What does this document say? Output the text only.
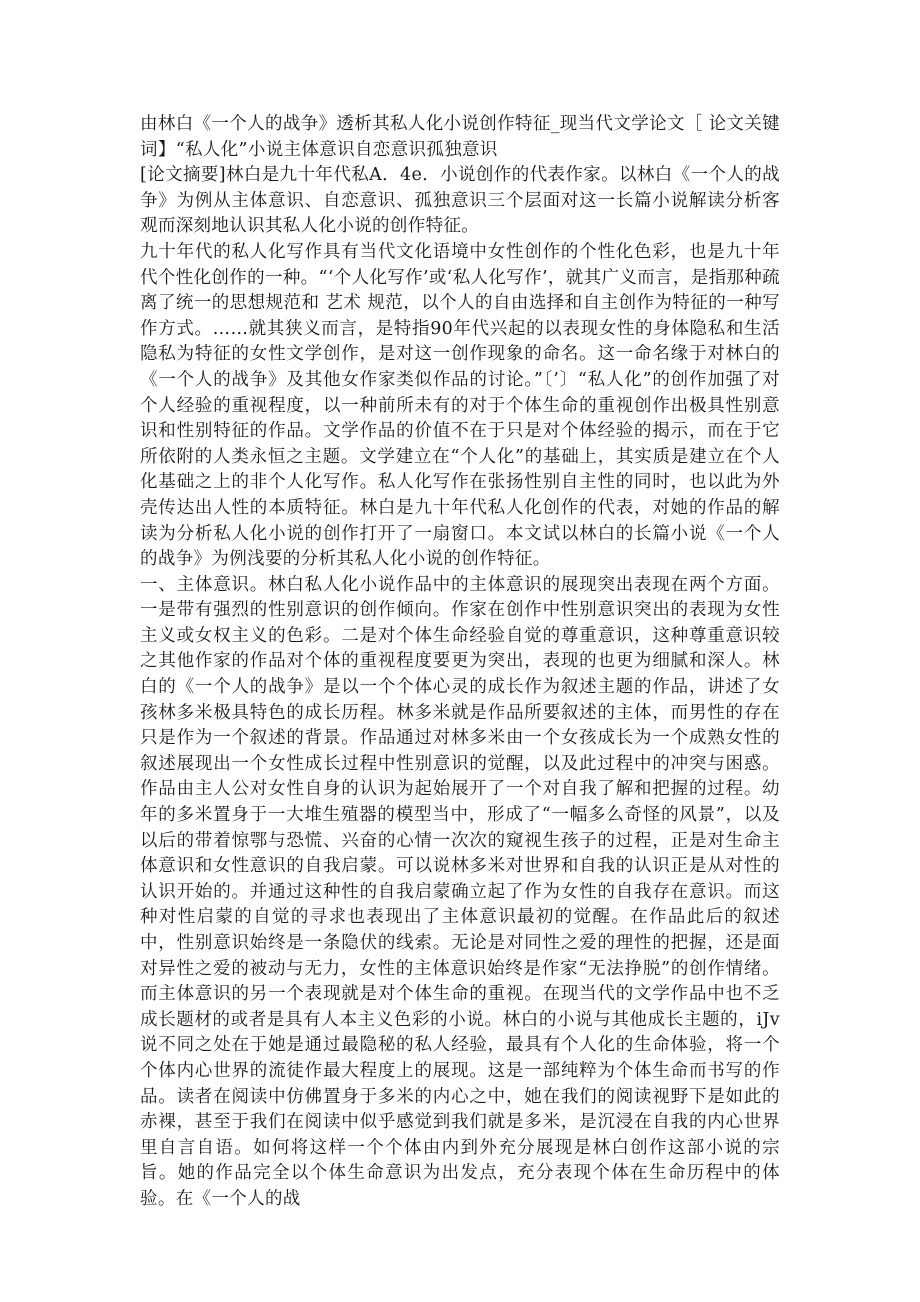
由林白《一个人的战争》透析其私人化小说创作特征_现当代文学论文［ 论文关键词】“私人化”小说主体意识自恋意识孤独意识

[论文摘要]林白是九十年代私A．4e．小说创作的代表作家。以林白《一个人的战争》为例从主体意识、自恋意识、孤独意识三个层面对这一长篇小说解读分析客观而深刻地认识其私人化小说的创作特征。

九十年代的私人化写作具有当代文化语境中女性创作的个性化色彩，也是九十年代个性化创作的一种。“‘个人化写作’或‘私人化写作’，就其广义而言，是指那种疏离了统一的思想规范和 艺术 规范，以个人的自由选择和自主创作为特征的一种写作方式。……就其狭义而言，是特指90年代兴起的以表现女性的身体隐私和生活隐私为特征的女性文学创作，是对这一创作现象的命名。这一命名缘于对林白的《一个人的战争》及其他女作家类似作品的讨论。”〔’〕“私人化”的创作加强了对个人经验的重视程度，以一种前所未有的对于个体生命的重视创作出极具性别意识和性别特征的作品。文学作品的价值不在于只是对个体经验的揭示，而在于它所依附的人类永恒之主题。文学建立在“个人化”的基础上，其实质是建立在个人化基础之上的非个人化写作。私人化写作在张扬性别自主性的同时，也以此为外壳传达出人性的本质特征。林白是九十年代私人化创作的代表，对她的作品的解读为分析私人化小说的创作打开了一扇窗口。本文试以林白的长篇小说《一个人的战争》为例浅要的分析其私人化小说的创作特征。

一、主体意识。林白私人化小说作品中的主体意识的展现突出表现在两个方面。一是带有强烈的性别意识的创作倾向。作家在创作中性别意识突出的表现为女性主义或女权主义的色彩。二是对个体生命经验自觉的尊重意识，这种尊重意识较之其他作家的作品对个体的重视程度要更为突出，表现的也更为细腻和深人。林白的《一个人的战争》是以一个个体心灵的成长作为叙述主题的作品，讲述了女孩林多米极具特色的成长历程。林多米就是作品所要叙述的主体，而男性的存在只是作为一个叙述的背景。作品通过对林多米由一个女孩成长为一个成熟女性的叙述展现出一个女性成长过程中性别意识的觉醒，以及此过程中的冲突与困惑。作品由主人公对女性自身的认识为起始展开了一个对自我了解和把握的过程。幼年的多米置身于一大堆生殖器的模型当中，形成了“一幅多么奇怪的风景”，以及以后的带着惊鄂与恐慌、兴奋的心情一次次的窥视生孩子的过程，正是对生命主体意识和女性意识的自我启蒙。可以说林多米对世界和自我的认识正是从对性的认识开始的。并通过这种性的自我启蒙确立起了作为女性的自我存在意识。而这种对性启蒙的自觉的寻求也表现出了主体意识最初的觉醒。在作品此后的叙述中，性别意识始终是一条隐伏的线索。无论是对同性之爱的理性的把握，还是面对异性之爱的被动与无力，女性的主体意识始终是作家“无法挣脱”的创作情绪。而主体意识的另一个表现就是对个体生命的重视。在现当代的文学作品中也不乏成长题材的或者是具有人本主义色彩的小说。林白的小说与其他成长主题的，iJv说不同之处在于她是通过最隐秘的私人经验，最具有个人化的生命体验，将一个个体内心世界的流徒作最大程度上的展现。这是一部纯粹为个体生命而书写的作品。读者在阅读中仿佛置身于多米的内心之中，她在我们的阅读视野下是如此的赤裸，甚至于我们在阅读中似乎感觉到我们就是多米，是沉浸在自我的内心世界里自言自语。如何将这样一个个体由内到外充分展现是林白创作这部小说的宗旨。她的作品完全以个体生命意识为出发点，充分表现个体在生命历程中的体验。在《一个人的战
